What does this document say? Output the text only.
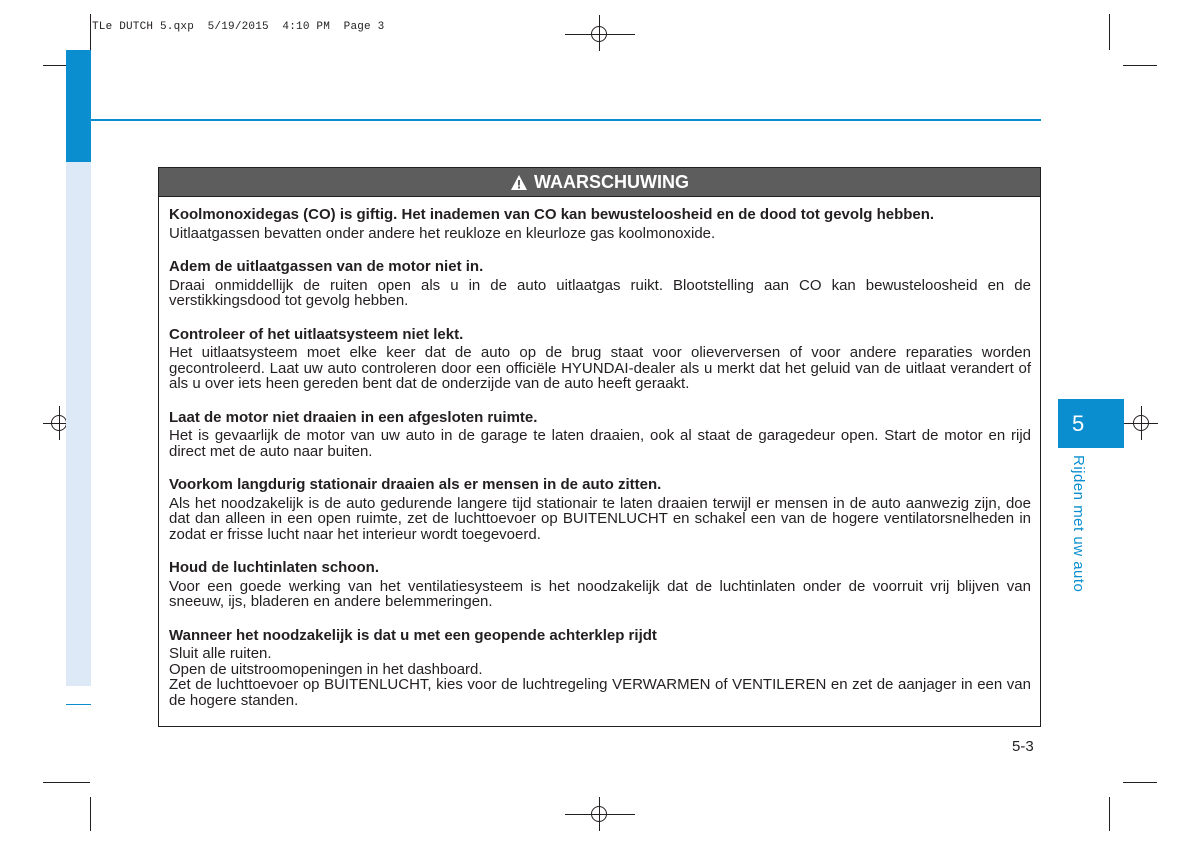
TLe DUTCH 5.qxp  5/19/2015  4:10 PM  Page 3
5
Rijden met uw auto
WAARSCHUWING
Koolmonoxidegas (CO) is giftig. Het inademen van CO kan bewusteloosheid en de dood tot gevolg hebben.

Uitlaatgassen bevatten onder andere het reukloze en kleurloze gas koolmonoxide.

Adem de uitlaatgassen van de motor niet in.

Draai onmiddellijk de ruiten open als u in de auto uitlaatgas ruikt. Blootstelling aan CO kan bewusteloosheid en de verstikkingsdood tot gevolg hebben.

Controleer of het uitlaatsysteem niet lekt.

Het uitlaatsysteem moet elke keer dat de auto op de brug staat voor olieverversen of voor andere reparaties worden gecontroleerd. Laat uw auto controleren door een officiële HYUNDAI-dealer als u merkt dat het geluid van de uitlaat verandert of als u over iets heen gereden bent dat de onderzijde van de auto heeft geraakt.

Laat de motor niet draaien in een afgesloten ruimte.

Het is gevaarlijk de motor van uw auto in de garage te laten draaien, ook al staat de garagedeur open. Start de motor en rijd direct met de auto naar buiten.

Voorkom langdurig stationair draaien als er mensen in de auto zitten.

Als het noodzakelijk is de auto gedurende langere tijd stationair te laten draaien terwijl er mensen in de auto aanwezig zijn, doe dat dan alleen in een open ruimte, zet de luchttoevoer op BUITENLUCHT en schakel een van de hogere ventilatorsnelheden in zodat er frisse lucht naar het interieur wordt toegevoerd.

Houd de luchtinlaten schoon.

Voor een goede werking van het ventilatiesysteem is het noodzakelijk dat de luchtinlaten onder de voorruit vrij blijven van sneeuw, ijs, bladeren en andere belemmeringen.

Wanneer het noodzakelijk is dat u met een geopende achterklep rijdt

Sluit alle ruiten.

Open de uitstroomopeningen in het dashboard.

Zet de luchttoevoer op BUITENLUCHT, kies voor de luchtregeling VERWARMEN of VENTILEREN en zet de aanjager in een van de hogere standen.

5-3
